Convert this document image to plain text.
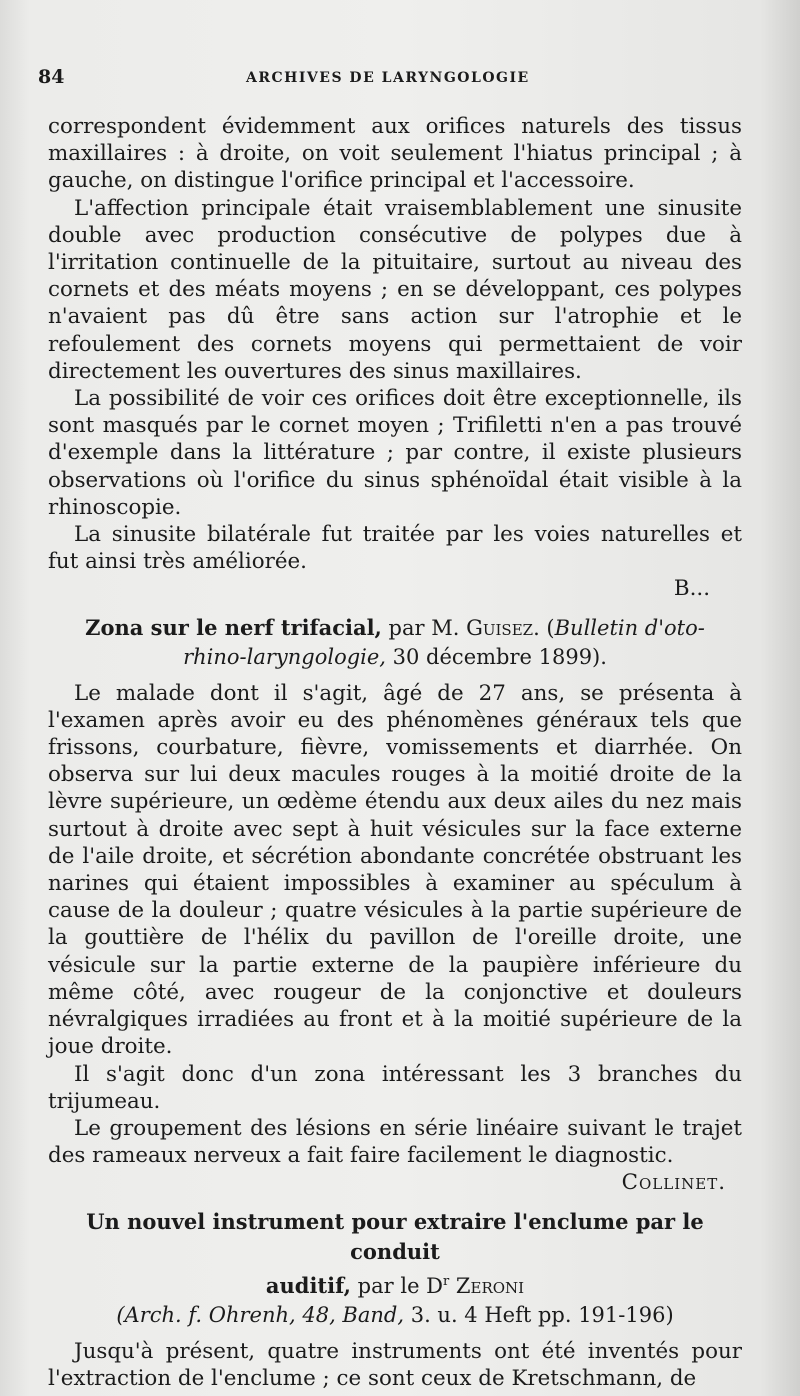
84	ARCHIVES DE LARYNGOLOGIE

correspondent évidemment aux orifices naturels des tissus maxillaires : à droite, on voit seulement l'hiatus principal ; à gauche, on distingue l'orifice principal et l'accessoire.

L'affection principale était vraisemblablement une sinusite double avec production consécutive de polypes due à l'irritation continuelle de la pituitaire, surtout au niveau des cornets et des méats moyens ; en se développant, ces polypes n'avaient pas dû être sans action sur l'atrophie et le refoulement des cornets moyens qui permettaient de voir directement les ouvertures des sinus maxillaires.

La possibilité de voir ces orifices doit être exceptionnelle, ils sont masqués par le cornet moyen ; Trifiletti n'en a pas trouvé d'exemple dans la littérature ; par contre, il existe plusieurs observations où l'orifice du sinus sphénoïdal était visible à la rhinoscopie.

La sinusite bilatérale fut traitée par les voies naturelles et fut ainsi très améliorée.

B...

Zona sur le nerf trifacial, par M. Guisez. (Bulletin d'oto-
rhino-laryngologie, 30 décembre 1899).

Le malade dont il s'agit, âgé de 27 ans, se présenta à l'examen après avoir eu des phénomènes généraux tels que frissons, courbature, fièvre, vomissements et diarrhée. On observa sur lui deux macules rouges à la moitié droite de la lèvre supérieure, un œdème étendu aux deux ailes du nez mais surtout à droite avec sept à huit vésicules sur la face externe de l'aile droite, et sécrétion abondante concrétée obstruant les narines qui étaient impossibles à examiner au spéculum à cause de la douleur ; quatre vésicules à la partie supérieure de la gouttière de l'hélix du pavillon de l'oreille droite, une vésicule sur la partie externe de la paupière inférieure du même côté, avec rougeur de la conjonctive et douleurs névralgiques irradiées au front et à la moitié supérieure de la joue droite.

Il s'agit donc d'un zona intéressant les 3 branches du trijumeau.

Le groupement des lésions en série linéaire suivant le trajet des rameaux nerveux a fait faire facilement le diagnostic.

Collinet.

Un nouvel instrument pour extraire l'enclume par le conduit
auditif, par le $D^r$ Zeroni
(Arch. f. Ohrenh, 48, Band, 3. u. 4 Heft pp. 191-196)

Jusqu'à présent, quatre instruments ont été inventés pour l'extraction de l'enclume ; ce sont ceux de Kretschmann, de
